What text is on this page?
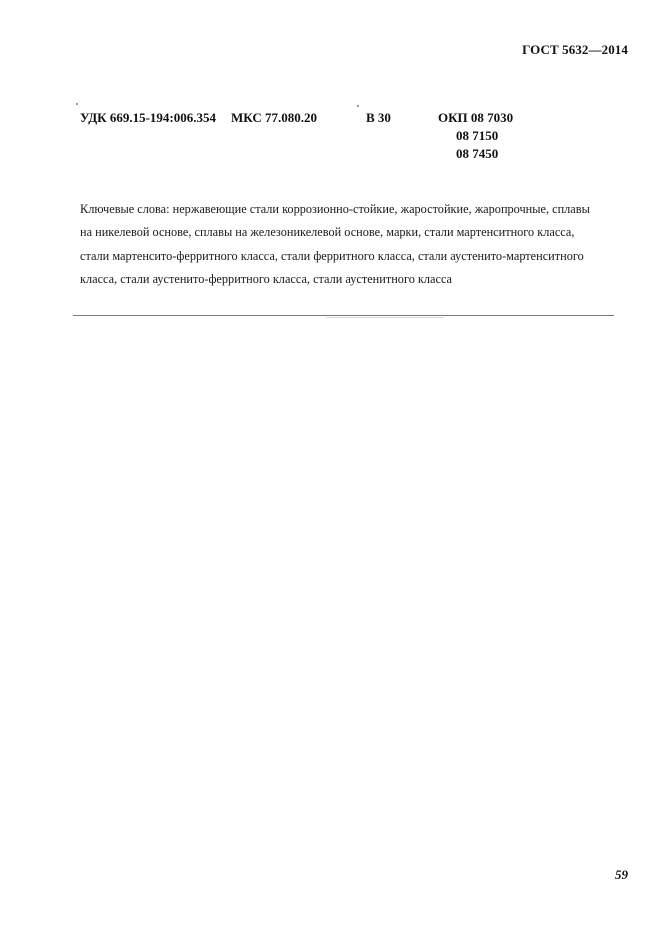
ГОСТ 5632—2014
УДК 669.15-194:006.354 МКС 77.080.20	В 30	ОКП 08 7030
08 7150
08 7450
Ключевые слова: нержавеющие стали коррозионно-стойкие, жаростойкие, жаропрочные, сплавы на никелевой основе, сплавы на железоникелевой основе, марки, стали мартенситного класса, стали мартенсито-ферритного класса, стали ферритного класса, стали аустенито-мартенситного класса, стали аустенито-ферритного класса, стали аустенитного класса
59
